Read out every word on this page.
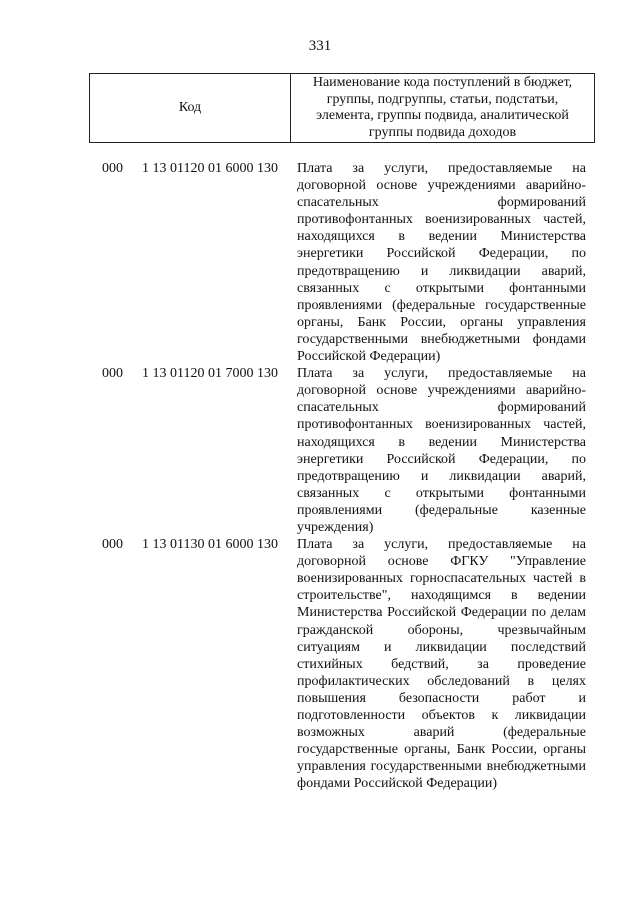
331
Код
Наименование кода поступлений в бюджет, группы, подгруппы, статьи, подстатьи, элемента, группы подвида, аналитической группы подвида доходов
000 1 13 01120 01 6000 130 Плата за услуги, предоставляемые на договорной основе учреждениями аварийно-спасательных формирований противофонтанных военизированных частей, находящихся в ведении Министерства энергетики Российской Федерации, по предотвращению и ликвидации аварий, связанных с открытыми фонтанными проявлениями (федеральные государственные органы, Банк России, органы управления государственными внебюджетными фондами Российской Федерации)
000 1 13 01120 01 7000 130 Плата за услуги, предоставляемые на договорной основе учреждениями аварийно-спасательных формирований противофонтанных военизированных частей, находящихся в ведении Министерства энергетики Российской Федерации, по предотвращению и ликвидации аварий, связанных с открытыми фонтанными проявлениями (федеральные казенные учреждения)
000 1 13 01130 01 6000 130 Плата за услуги, предоставляемые на договорной основе ФГКУ "Управление военизированных горноспасательных частей в строительстве", находящимся в ведении Министерства Российской Федерации по делам гражданской обороны, чрезвычайным ситуациям и ликвидации последствий стихийных бедствий, за проведение профилактических обследований в целях повышения безопасности работ и подготовленности объектов к ликвидации возможных аварий (федеральные государственные органы, Банк России, органы управления государственными внебюджетными фондами Российской Федерации)
